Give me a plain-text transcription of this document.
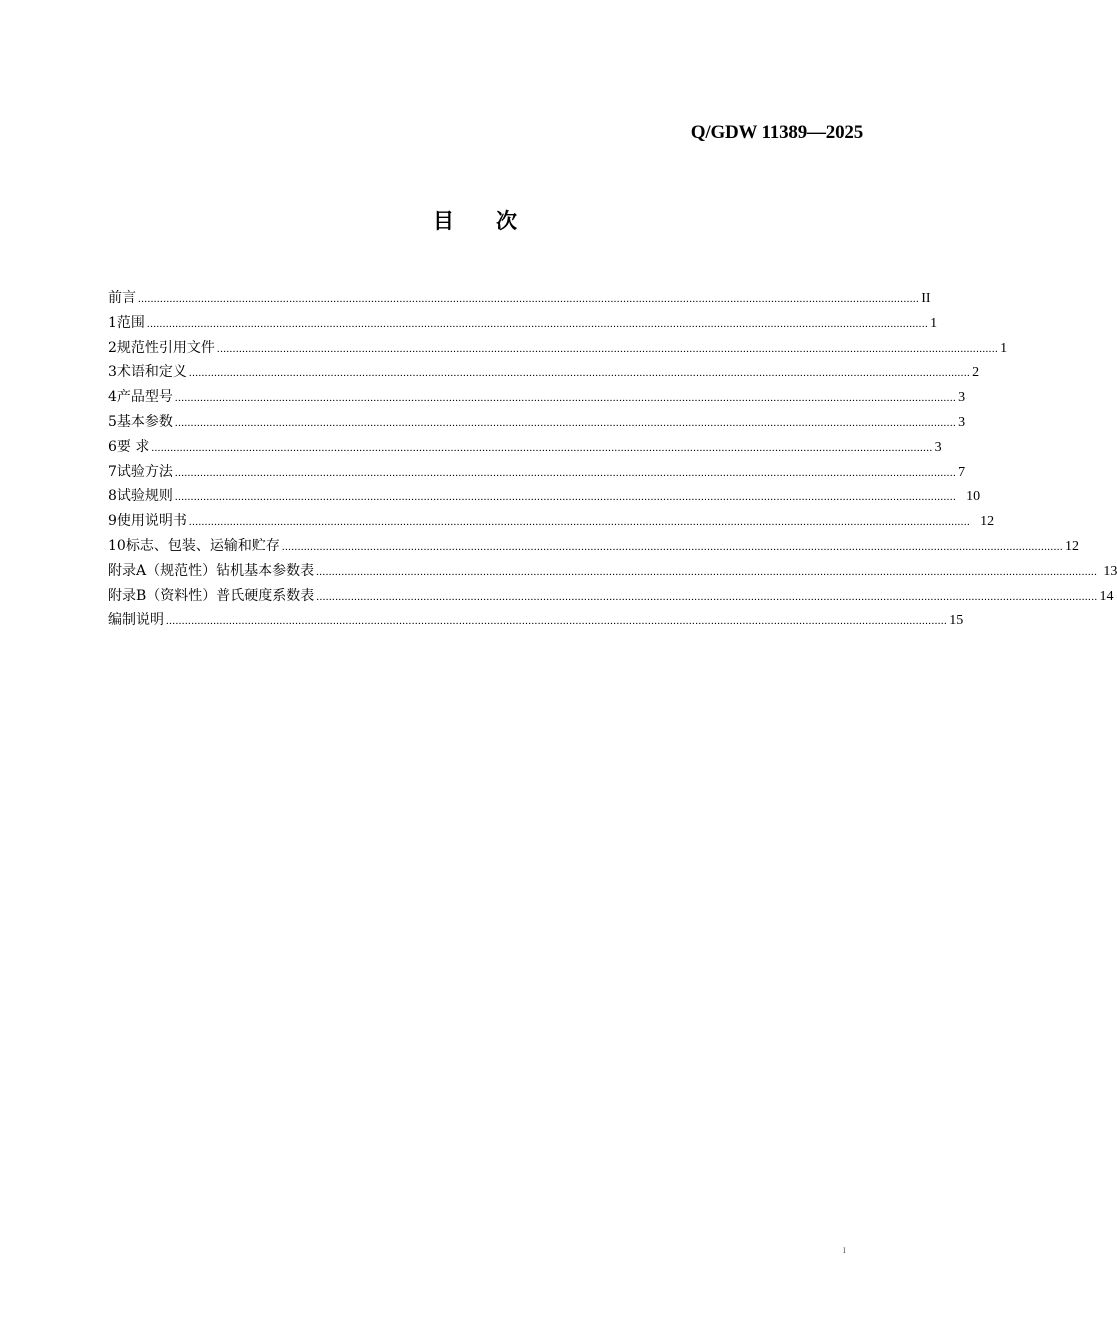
Q/GDW 11389—2025
目　　次
前言 ........................................................................................................................................................................................................................................................ II
1 范围 ........................................................................................................................................................................................................................................................ 1
2 规范性引用文件 ........................................................................................................................................................................................................................................................ 1
3 术语和定义 ........................................................................................................................................................................................................................................................ 2
4 产品型号 ........................................................................................................................................................................................................................................................ 3
5 基本参数 ........................................................................................................................................................................................................................................................ 3
6 要 求 ........................................................................................................................................................................................................................................................ 3
7 试验方法 ........................................................................................................................................................................................................................................................ 7
8 试验规则 ........................................................................................................................................................................................................................................................ 10
9 使用说明书 ........................................................................................................................................................................................................................................................ 12
10 标志、包装、运输和贮存 ........................................................................................................................................................................................................................................................ 12
附 录A（规范性）钻机基本参数表 ........................................................................................................................................................................................................................................................ 13
附 录B（资料性）普氏硬度系数表 ........................................................................................................................................................................................................................................................ 14
编制说明 ........................................................................................................................................................................................................................................................ 15
I
